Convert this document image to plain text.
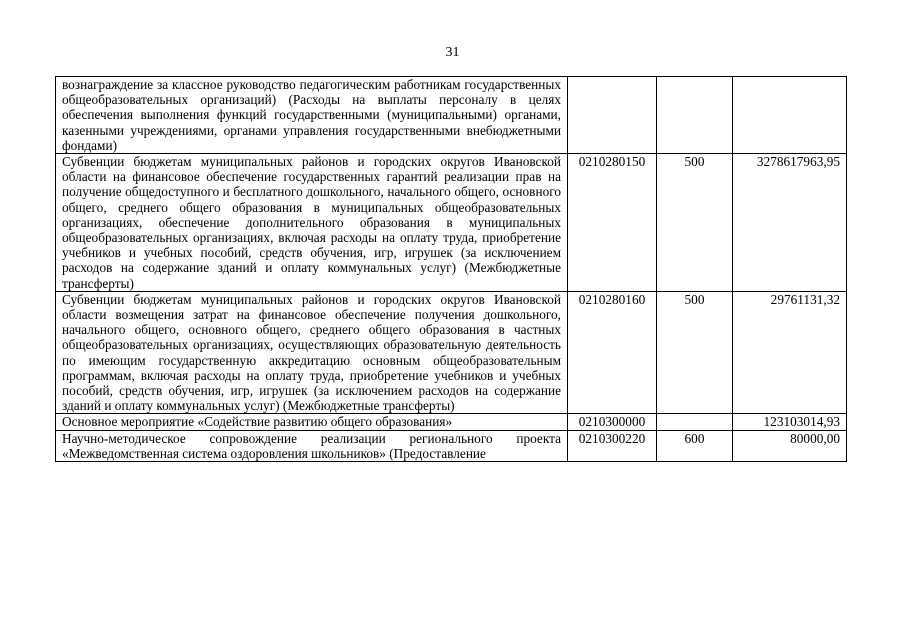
31
вознаграждение за классное руководство педагогическим работникам государственных общеобразовательных организаций) (Расходы на выплаты персоналу в целях обеспечения выполнения функций государственными (муниципальными) органами, казенными учреждениями, органами управления государственными внебюджетными фондами)			
Субвенции бюджетам муниципальных районов и городских округов Ивановской области на финансовое обеспечение государственных гарантий реализации прав на получение общедоступного и бесплатного дошкольного, начального общего, основного общего, среднего общего образования в муниципальных общеобразовательных организациях, обеспечение дополнительного образования в муниципальных общеобразовательных организациях, включая расходы на оплату труда, приобретение учебников и учебных пособий, средств обучения, игр, игрушек (за исключением расходов на содержание зданий и оплату коммунальных услуг) (Межбюджетные трансферты)	0210280150	500	3278617963,95
Субвенции бюджетам муниципальных районов и городских округов Ивановской области возмещения затрат на финансовое обеспечение получения дошкольного, начального общего, основного общего, среднего общего образования в частных общеобразовательных организациях, осуществляющих образовательную деятельность по имеющим государственную аккредитацию основным общеобразовательным программам, включая расходы на оплату труда, приобретение учебников и учебных пособий, средств обучения, игр, игрушек (за исключением расходов на содержание зданий и оплату коммунальных услуг) (Межбюджетные трансферты)	0210280160	500	29761131,32
Основное мероприятие «Содействие развитию общего образования»	0210300000		123103014,93
Научно-методическое сопровождение реализации регионального проекта «Межведомственная система оздоровления школьников» (Предоставление	0210300220	600	80000,00
